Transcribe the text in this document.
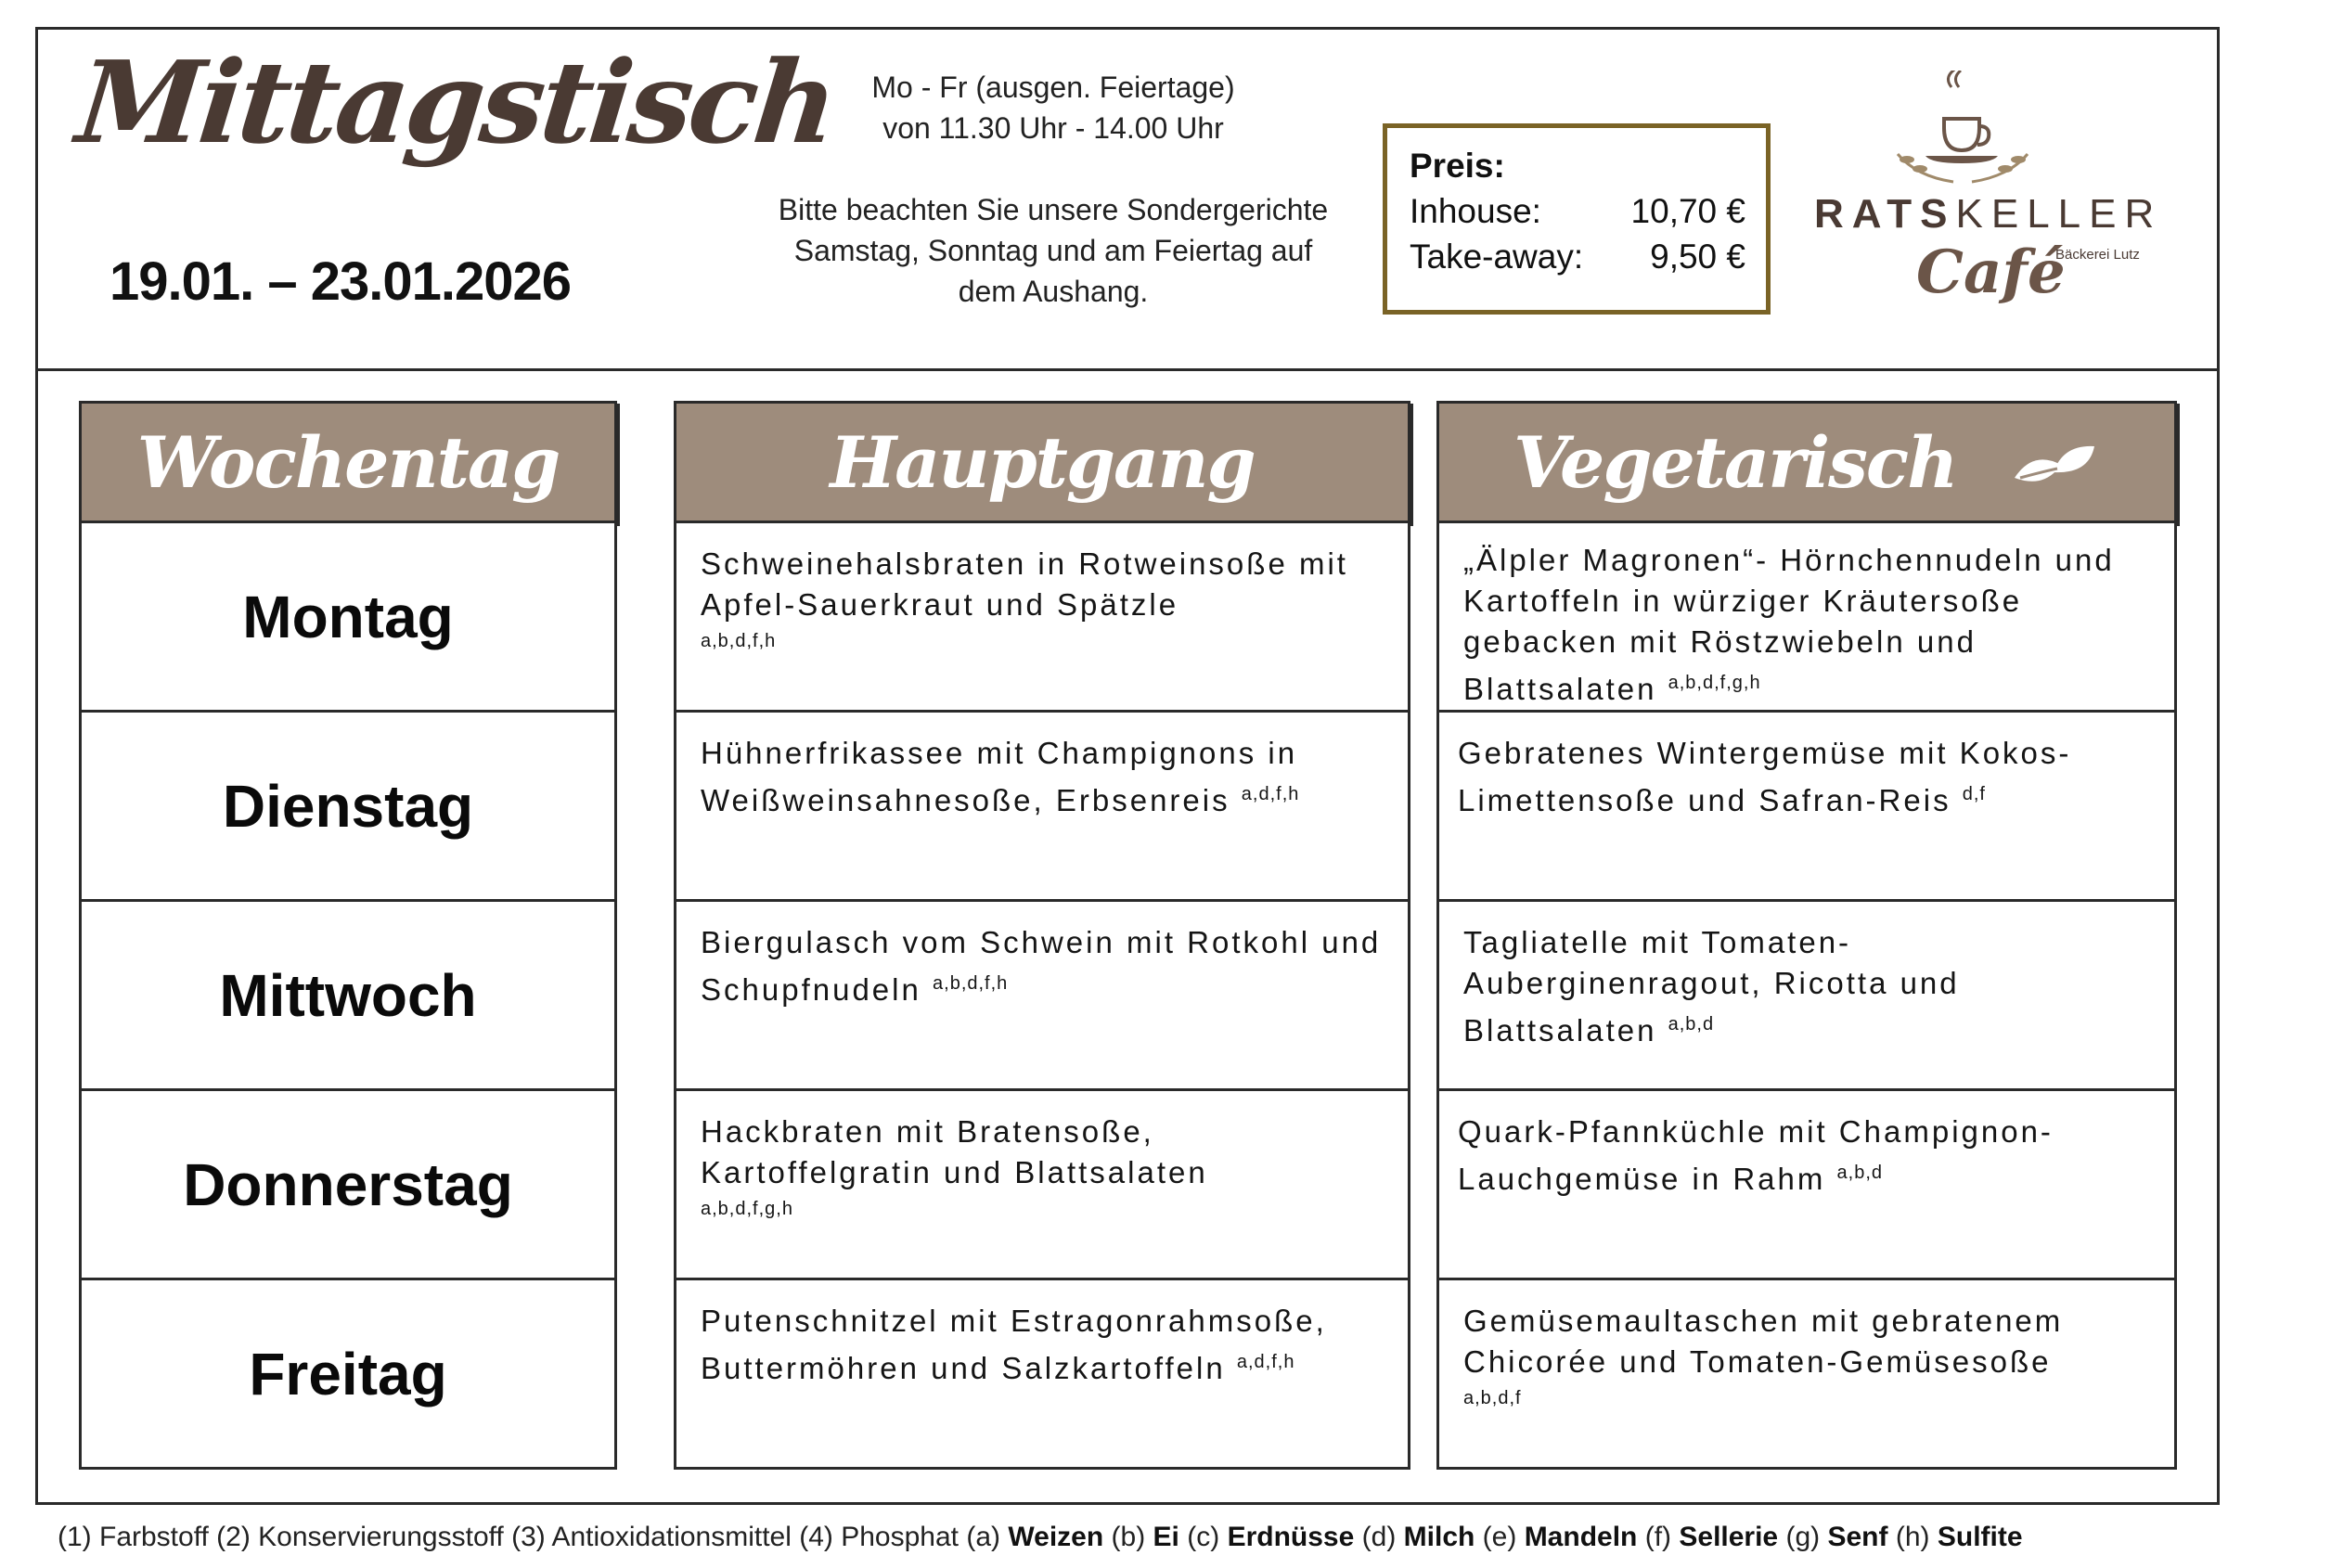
Mittagstisch
19.01. – 23.01.2026
Mo - Fr (ausgen. Feiertage)
von 11.30 Uhr - 14.00 Uhr
Bitte beachten Sie unsere Sondergerichte
Samstag, Sonntag und am Feiertag auf
dem Aushang.
Preis:
Inhouse:	10,70 €
Take-away: 9,50 €
RATSKELLER
Café
Bäckerei Lutz
Wochentag
Montag
Dienstag
Mittwoch
Donnerstag
Freitag
Hauptgang
Schweinehalsbraten in Rotweinsoße mit Apfel-Sauerkraut und Spätzle
a,b,d,f,h
Hühnerfrikassee mit Champignons in Weißweinsahnesoße, Erbsenreis $^{a,d,f,h}$
Biergulasch vom Schwein mit Rotkohl und Schupfnudeln $^{a,b,d,f,h}$
Hackbraten mit Bratensoße, Kartoffelgratin und Blattsalaten
a,b,d,f,g,h
Putenschnitzel mit Estragonrahmsoße, Buttermöhren und Salzkartoffeln $^{a,d,f,h}$
Vegetarisch
„Älpler Magronen“- Hörnchennudeln und Kartoffeln in würziger Kräutersoße gebacken mit Röstzwiebeln und Blattsalaten $^{a,b,d,f,g,h}$
Gebratenes Wintergemüse mit Kokos-Limettensoße und Safran-Reis $^{d,f}$
Tagliatelle mit Tomaten-Auberginenragout, Ricotta und Blattsalaten $^{a,b,d}$
Quark-Pfannküchle mit Champignon-Lauchgemüse in Rahm $^{a,b,d}$
Gemüsemaultaschen mit gebratenem Chicorée und Tomaten-Gemüsesoße
a,b,d,f
(1) Farbstoff (2) Konservierungsstoff (3) Antioxidationsmittel (4) Phosphat (a) Weizen (b) Ei (c) Erdnüsse (d) Milch (e) Mandeln (f) Sellerie (g) Senf (h) Sulfite
